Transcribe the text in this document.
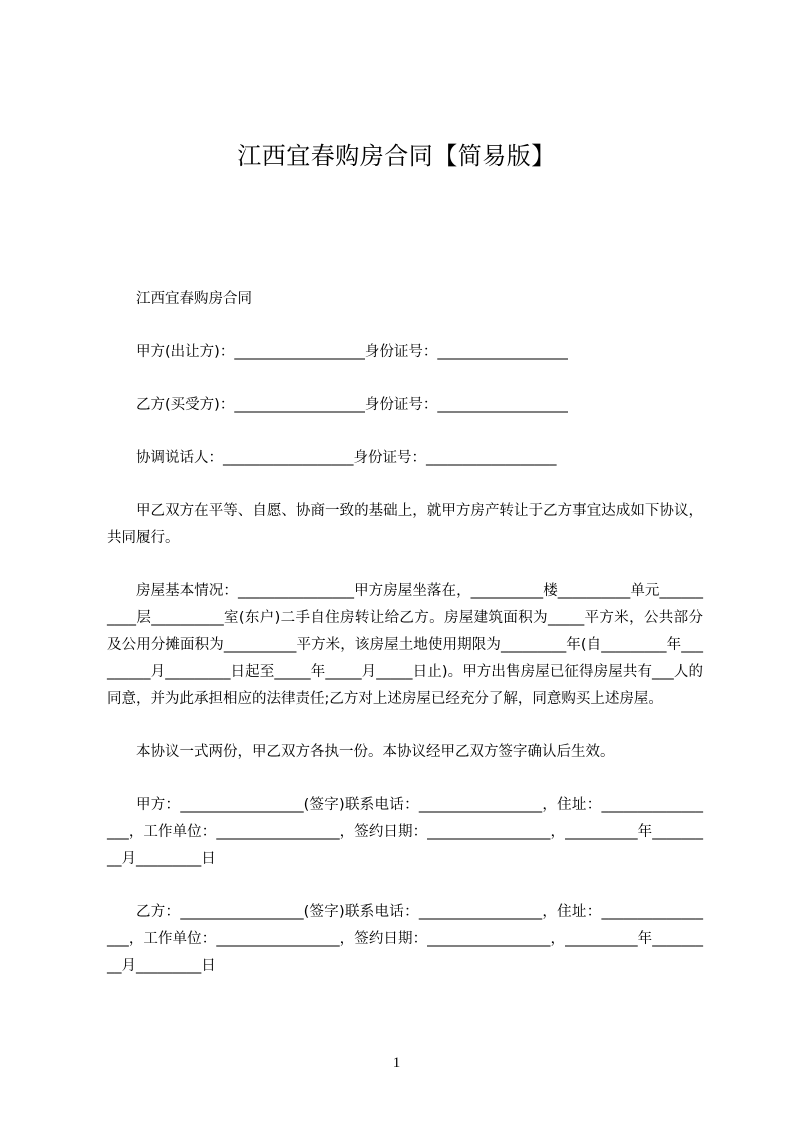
江西宜春购房合同【简易版】

江西宜春购房合同

甲方(出让方)：__________________身份证号：__________________

乙方(买受方)：__________________身份证号：__________________

协调说话人：__________________身份证号：__________________

甲乙双方在平等、自愿、协商一致的基础上，就甲方房产转让于乙方事宜达成如下协议，共同履行。

房屋基本情况：________________甲方房屋坐落在，__________楼__________单元__________层__________室(东户)二手自住房转让给乙方。房屋建筑面积为_____平方米，公共部分及公用分摊面积为__________平方米，该房屋土地使用期限为_________年(自_________年_________月_________日起至_____年_____月_____日止)。甲方出售房屋已征得房屋共有___人的同意，并为此承担相应的法律责任;乙方对上述房屋已经充分了解，同意购买上述房屋。

本协议一式两份，甲乙双方各执一份。本协议经甲乙双方签字确认后生效。

甲方：_________________(签字)联系电话：_________________，住址：_________________，工作单位：_________________，签约日期：_________________，__________年_________月_________日

乙方：_________________(签字)联系电话：_________________，住址：_________________，工作单位：_________________，签约日期：_________________，__________年_________月_________日

1
